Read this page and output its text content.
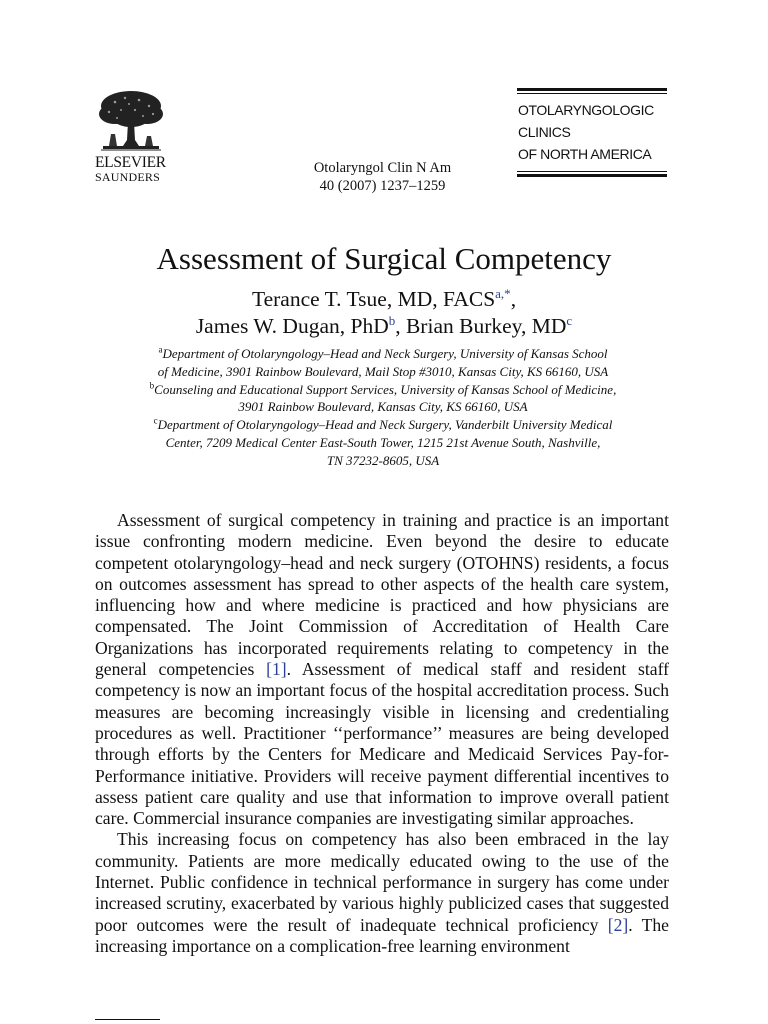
ELSEVIER
SAUNDERS
Otolaryngol Clin N Am
40 (2007) 1237–1259
OTOLARYNGOLOGIC
CLINICS
OF NORTH AMERICA
Assessment of Surgical Competency
Terance T. Tsue, MD, $FACS^{a,*}$,
James W. Dugan, PhD$^b$, Brian Burkey, $MD^c$
$^a$Department of Otolaryngology–Head and Neck Surgery, University of Kansas School
of Medicine, 3901 Rainbow Boulevard, Mail Stop #3010, Kansas City, KS 66160, USA
$^b$Counseling and Educational Support Services, University of Kansas School of Medicine,
3901 Rainbow Boulevard, Kansas City, KS 66160, USA
$^c$Department of Otolaryngology–Head and Neck Surgery, Vanderbilt University Medical
Center, 7209 Medical Center East-South Tower, 1215 21st Avenue South, Nashville,
TN 37232-8605, USA

Assessment of surgical competency in training and practice is an important issue confronting modern medicine. Even beyond the desire to educate competent otolaryngology–head and neck surgery (OTOHNS) residents, a focus on outcomes assessment has spread to other aspects of the health care system, influencing how and where medicine is practiced and how physicians are compensated. The Joint Commission of Accreditation of Health Care Organizations has incorporated requirements relating to competency in the general competencies [1]. Assessment of medical staff and resident staff competency is now an important focus of the hospital accreditation process. Such measures are becoming increasingly visible in licensing and credentialing procedures as well. Practitioner ‘‘performance’’ measures are being developed through efforts by the Centers for Medicare and Medicaid Services Pay-for-Performance initiative. Providers will receive payment differential incentives to assess patient care quality and use that information to improve overall patient care. Commercial insurance companies are investigating similar approaches.

This increasing focus on competency has also been embraced in the lay community. Patients are more medically educated owing to the use of the Internet. Public confidence in technical performance in surgery has come under increased scrutiny, exacerbated by various highly publicized cases that suggested poor outcomes were the result of inadequate technical proficiency [2]. The increasing importance on a complication-free learning environment
